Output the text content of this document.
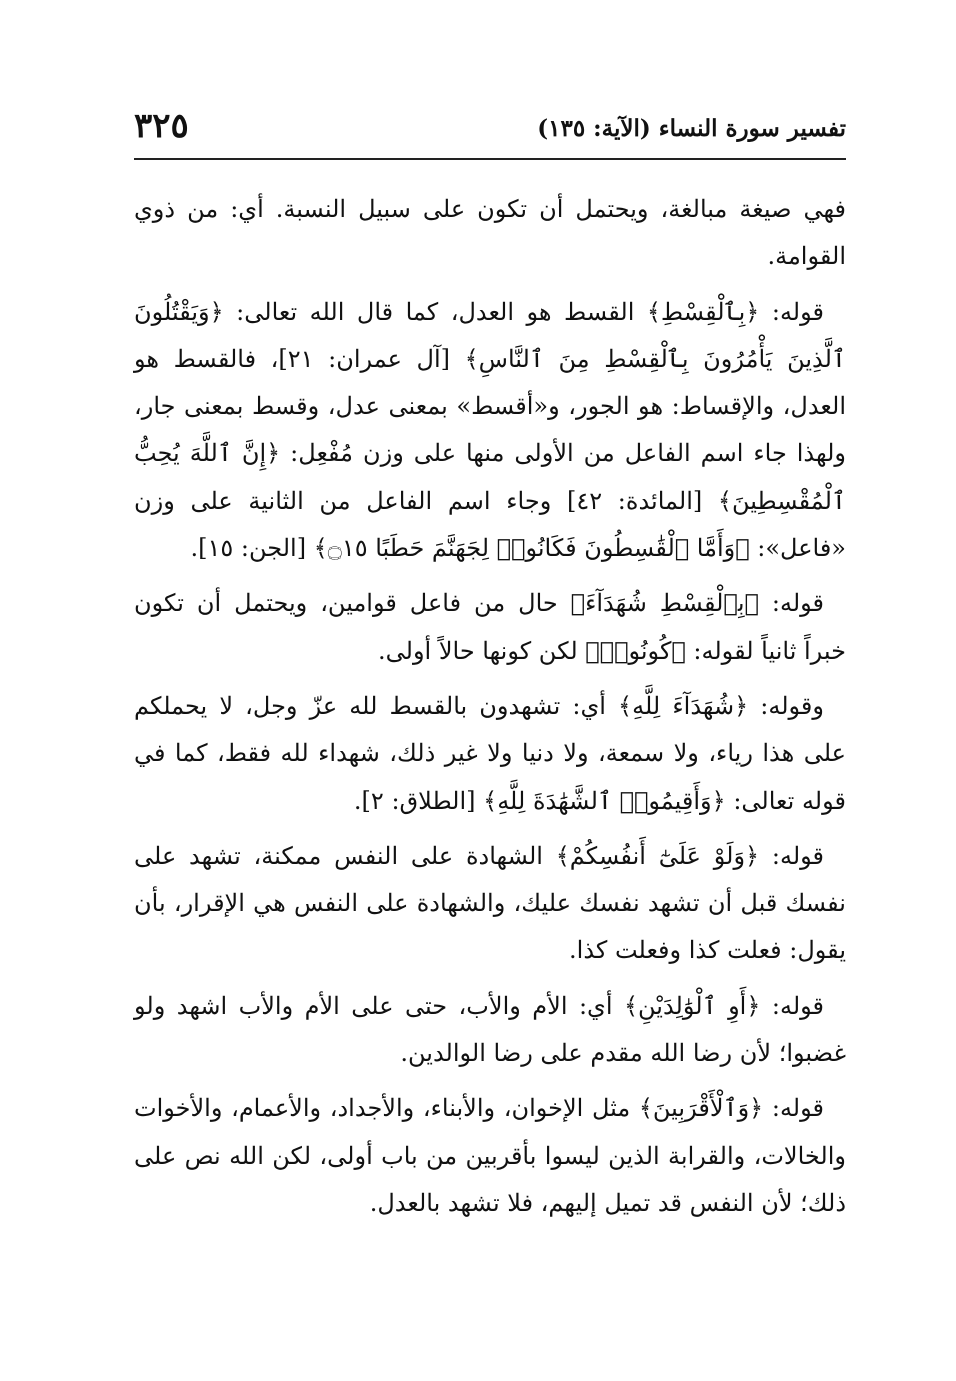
تفسير سورة النساء (الآية: ١٣٥)
٣٢٥

فهي صيغة مبالغة، ويحتمل أن تكون على سبيل النسبة. أي: من ذوي القوامة.

قوله: ﴿بِٱلْقِسْطِ﴾ القسط هو العدل، كما قال الله تعالى: ﴿وَيَقْتُلُونَ ٱلَّذِينَ يَأْمُرُونَ بِٱلْقِسْطِ مِنَ ٱلنَّاسِ﴾ [آل عمران: ٢١]، فالقسط هو العدل، والإقساط: هو الجور، و«أقسط» بمعنى عدل، وقسط بمعنى جار، ولهذا جاء اسم الفاعل من الأولى منها على وزن مُفْعِل: ﴿إِنَّ ٱللَّهَ يُحِبُّ ٱلْمُقْسِطِينَ﴾ [المائدة: ٤٢] وجاء اسم الفاعل من الثانية على وزن «فاعل»: ﴿وَأَمَّا ٱلْقَٰسِطُونَ فَكَانُوا۟ لِجَهَنَّمَ حَطَبًا ۝١٥﴾ [الجن: ١٥].

قوله: ﴿بِٱلْقِسْطِ شُهَدَآءَ﴾ حال من فاعل قوامين، ويحتمل أن تكون خبراً ثانياً لقوله: ﴿كُونُوا۟﴾ لكن كونها حالاً أولى.

وقوله: ﴿شُهَدَآءَ لِلَّهِ﴾ أي: تشهدون بالقسط لله عزّ وجل، لا يحملكم على هذا رياء، ولا سمعة، ولا دنيا ولا غير ذلك، شهداء لله فقط، كما في قوله تعالى: ﴿وَأَقِيمُوا۟ ٱلشَّهَٰدَةَ لِلَّهِ﴾ [الطلاق: ٢].

قوله: ﴿وَلَوْ عَلَىٰٓ أَنفُسِكُمْ﴾ الشهادة على النفس ممكنة، تشهد على نفسك قبل أن تشهد نفسك عليك، والشهادة على النفس هي الإقرار، بأن يقول: فعلت كذا وفعلت كذا.

قوله: ﴿أَوِ ٱلْوَٰلِدَيْنِ﴾ أي: الأم والأب، حتى على الأم والأب اشهد ولو غضبوا؛ لأن رضا الله مقدم على رضا الوالدين.

قوله: ﴿وَٱلْأَقْرَبِينَ﴾ مثل الإخوان، والأبناء، والأجداد، والأعمام، والأخوات والخالات، والقرابة الذين ليسوا بأقربين من باب أولى، لكن الله نص على ذلك؛ لأن النفس قد تميل إليهم، فلا تشهد بالعدل.
